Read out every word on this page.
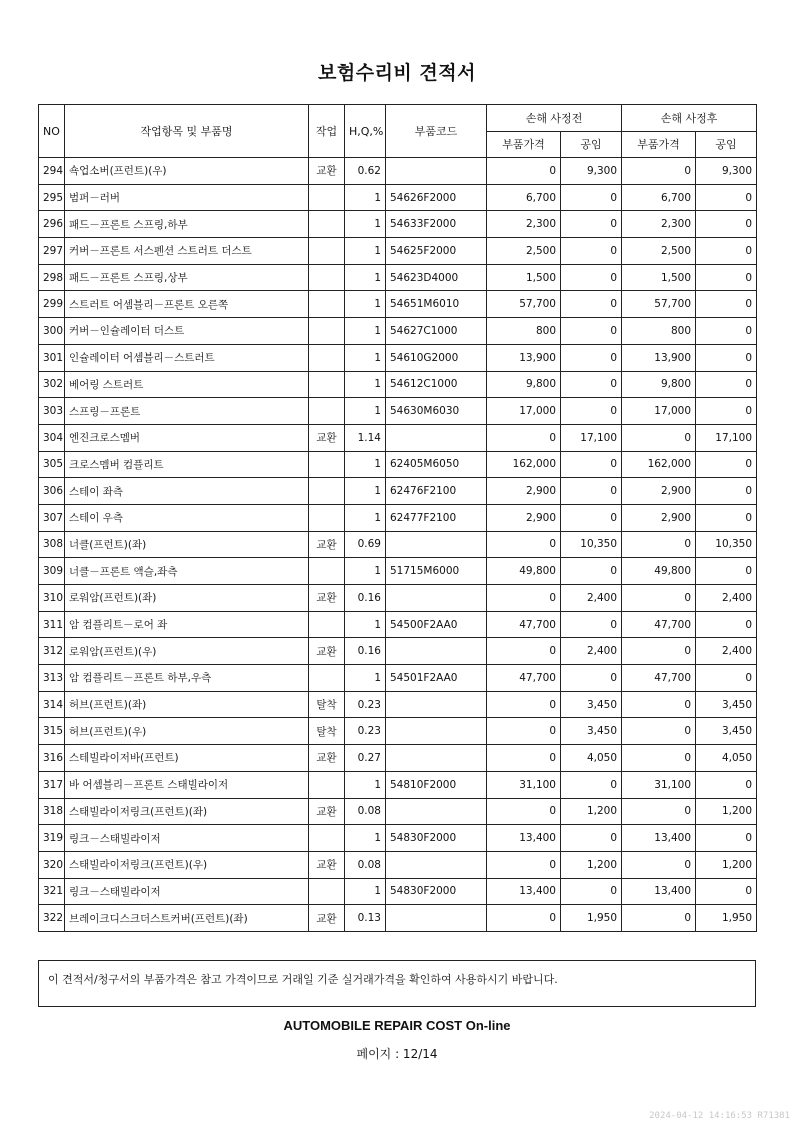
보험수리비 견적서
NO	작업항목 및 부품명	작업	H,Q,%	부품코드	손해 사정전		손해 사정후	
					부품가격	공임	부품가격	공임
294	쇽업소버(프런트)(우)	교환	0.62		0	9,300	0	9,300
295	범퍼－러버		1	54626F2000	6,700	0	6,700	0
296	패드－프론트 스프링,하부		1	54633F2000	2,300	0	2,300	0
297	커버－프론트 서스펜션 스트러트 더스트		1	54625F2000	2,500	0	2,500	0
298	패드－프론트 스프링,상부		1	54623D4000	1,500	0	1,500	0
299	스트러트 어셈블리－프론트 오른쪽		1	54651M6010	57,700	0	57,700	0
300	커버－인슐레이터 더스트		1	54627C1000	800	0	800	0
301	인슐레이터 어셈블리－스트러트		1	54610G2000	13,900	0	13,900	0
302	베어링 스트러트		1	54612C1000	9,800	0	9,800	0
303	스프링－프론트		1	54630M6030	17,000	0	17,000	0
304	엔진크로스멤버	교환	1.14		0	17,100	0	17,100
305	크로스멤버 컴플리트		1	62405M6050	162,000	0	162,000	0
306	스테이 좌측		1	62476F2100	2,900	0	2,900	0
307	스테이 우측		1	62477F2100	2,900	0	2,900	0
308	너클(프런트)(좌)	교환	0.69		0	10,350	0	10,350
309	너클－프론트 액슬,좌측		1	51715M6000	49,800	0	49,800	0
310	로워암(프런트)(좌)	교환	0.16		0	2,400	0	2,400
311	암 컴플리트－로어 좌		1	54500F2AA0	47,700	0	47,700	0
312	로워암(프런트)(우)	교환	0.16		0	2,400	0	2,400
313	암 컴플리트－프론트 하부,우측		1	54501F2AA0	47,700	0	47,700	0
314	허브(프런트)(좌)	탈착	0.23		0	3,450	0	3,450
315	허브(프런트)(우)	탈착	0.23		0	3,450	0	3,450
316	스테빌라이저바(프런트)	교환	0.27		0	4,050	0	4,050
317	바 어셈블리－프론트 스태빌라이저		1	54810F2000	31,100	0	31,100	0
318	스태빌라이저링크(프런트)(좌)	교환	0.08		0	1,200	0	1,200
319	링크－스태빌라이저		1	54830F2000	13,400	0	13,400	0
320	스태빌라이저링크(프런트)(우)	교환	0.08		0	1,200	0	1,200
321	링크－스태빌라이저		1	54830F2000	13,400	0	13,400	0
322	브레이크디스크더스트커버(프런트)(좌)	교환	0.13		0	1,950	0	1,950
이 견적서/청구서의 부품가격은 참고 가격이므로 거래일 기준 실거래가격을 확인하여 사용하시기 바랍니다.
AUTOMOBILE REPAIR COST On-line
페이지 : 12/14
2024-04-12 14:16:53 R71381
